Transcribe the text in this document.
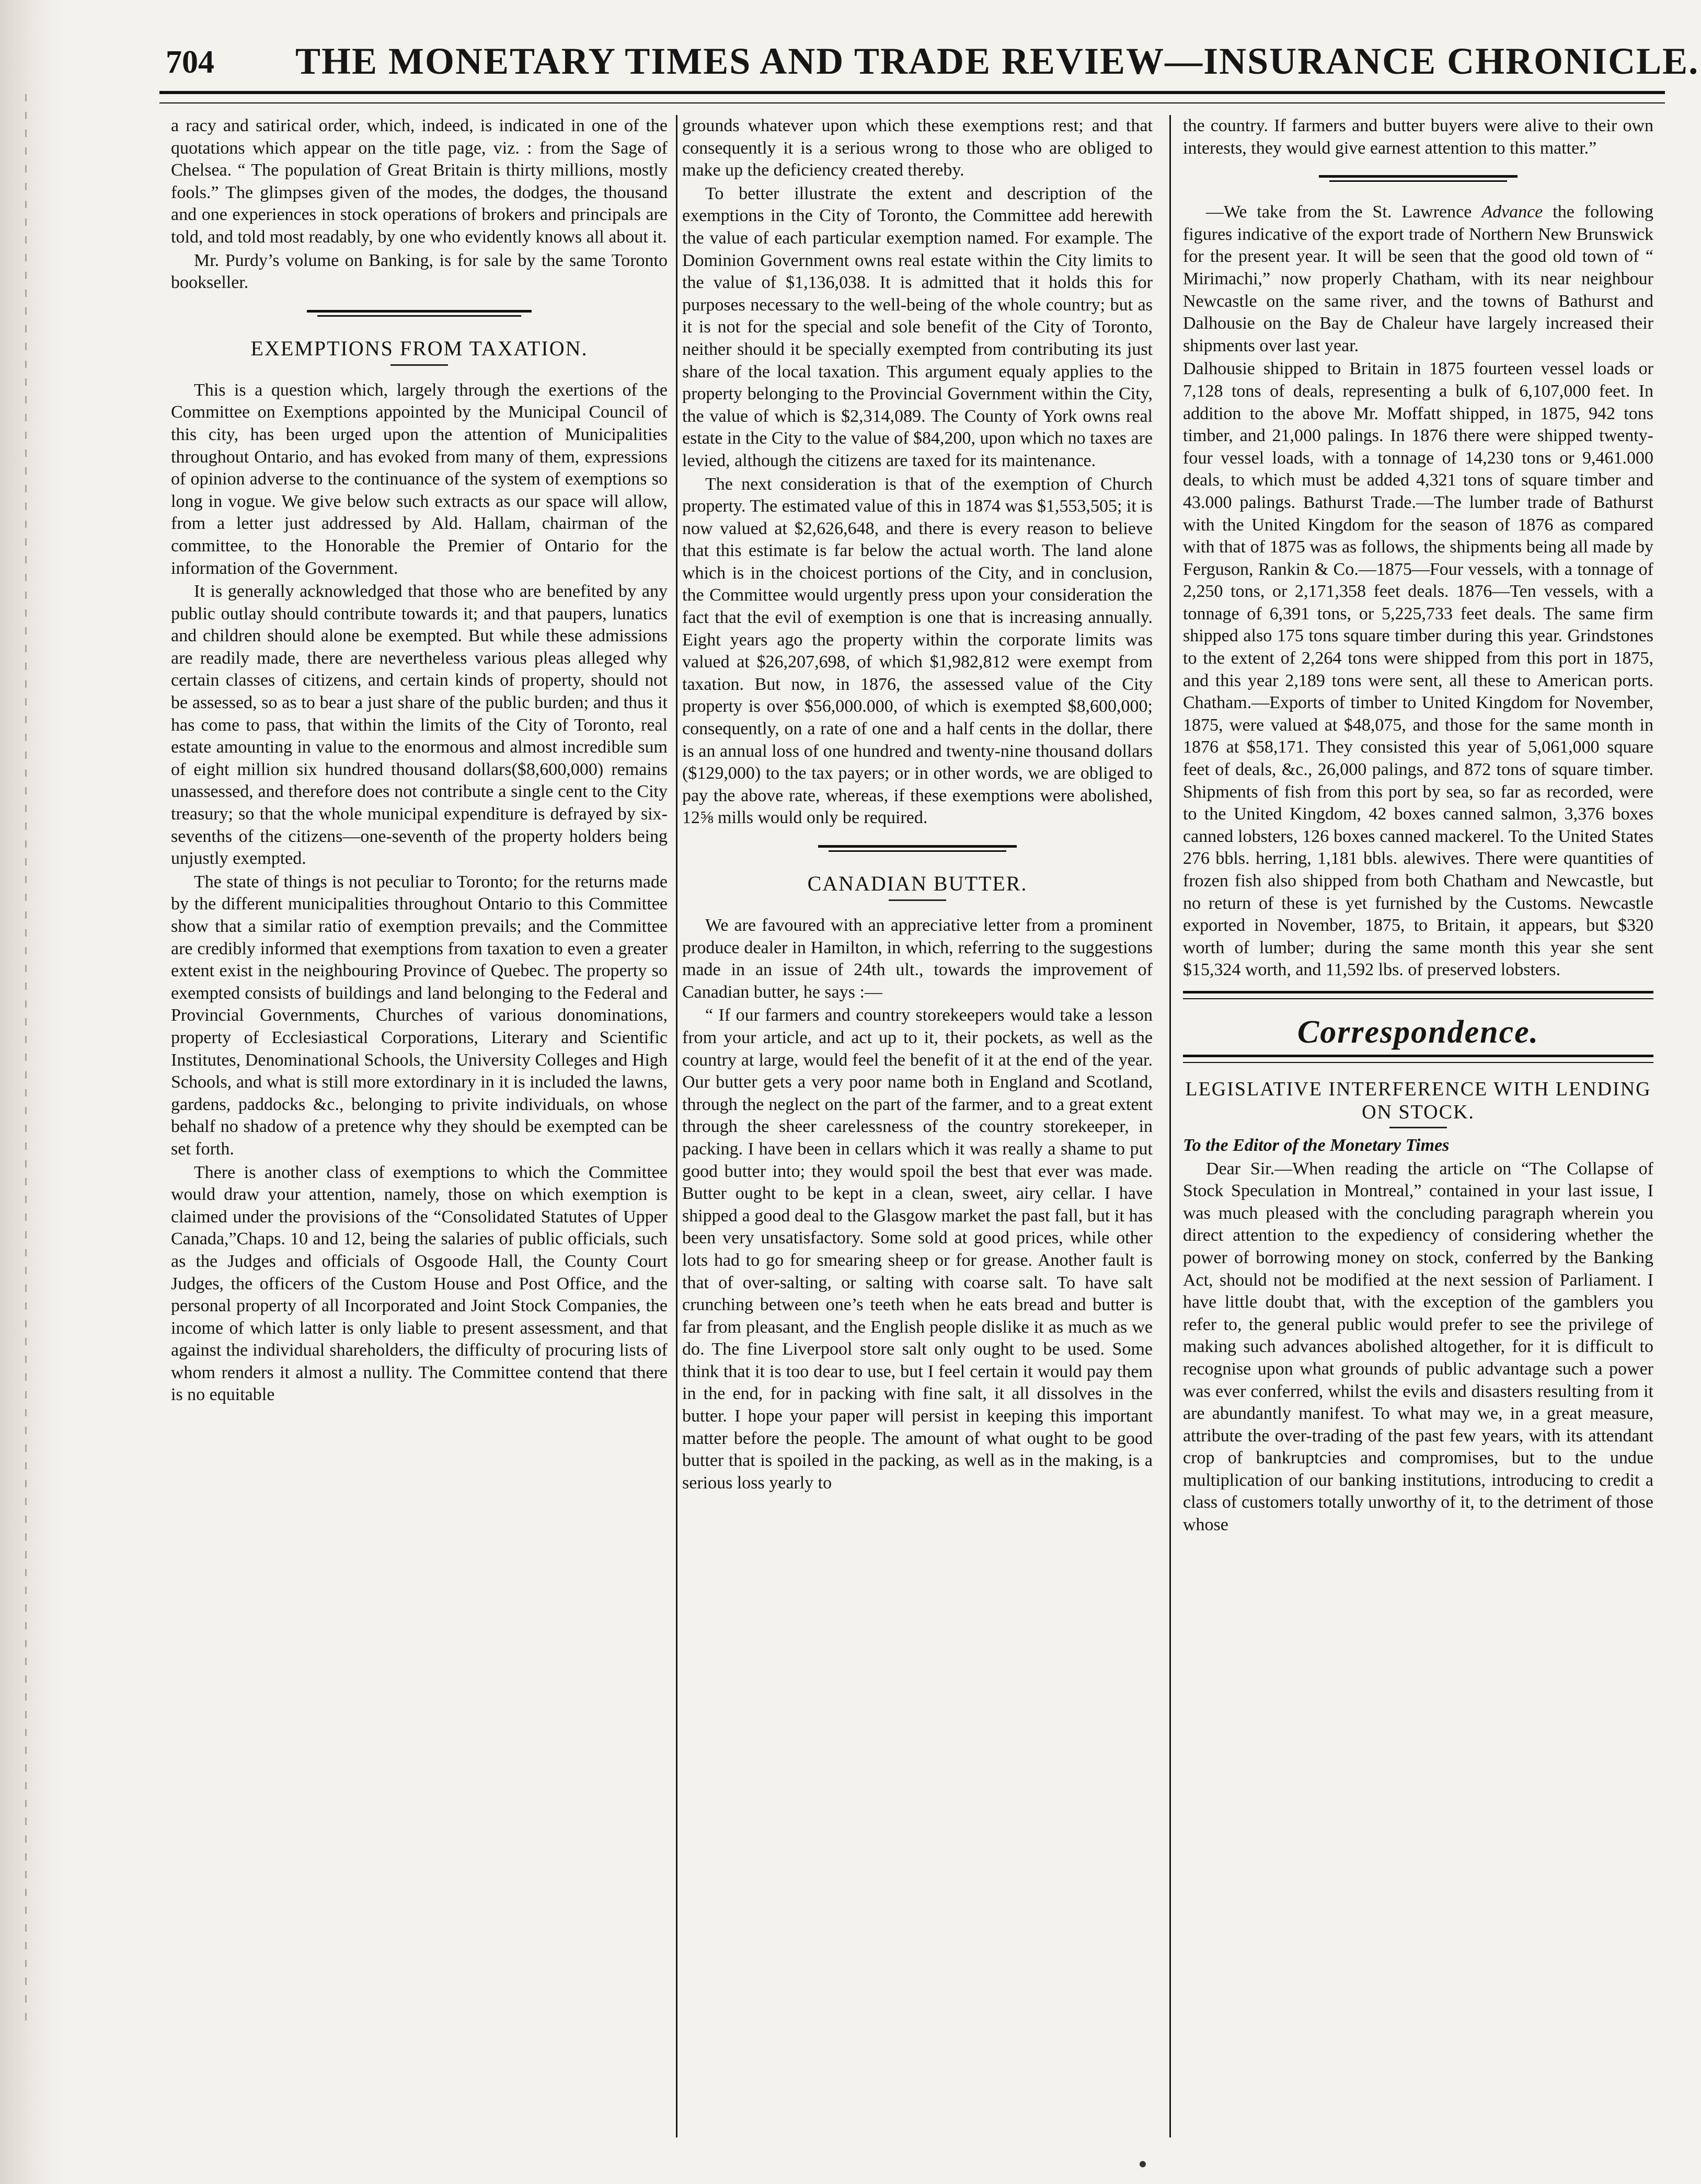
704 THE MONETARY TIMES AND TRADE REVIEW—INSURANCE CHRONICLE.

a racy and satirical order, which, indeed, is indicated in one of the quotations which appear on the title page, viz. : from the Sage of Chelsea. “ The population of Great Britain is thirty millions, mostly fools.” The glimpses given of the modes, the dodges, the thousand and one experiences in stock operations of brokers and principals are told, and told most readably, by one who evidently knows all about it.

Mr. Purdy’s volume on Banking, is for sale by the same Toronto bookseller.

EXEMPTIONS FROM TAXATION.

This is a question which, largely through the exertions of the Committee on Exemptions appointed by the Municipal Council of this city, has been urged upon the attention of Municipalities throughout Ontario, and has evoked from many of them, expressions of opinion adverse to the continuance of the system of exemptions so long in vogue. We give below such extracts as our space will allow, from a letter just addressed by Ald. Hallam, chairman of the committee, to the Honorable the Premier of Ontario for the information of the Government.

It is generally acknowledged that those who are benefited by any public outlay should contribute towards it; and that paupers, lunatics and children should alone be exempted. But while these admissions are readily made, there are nevertheless various pleas alleged why certain classes of citizens, and certain kinds of property, should not be assessed, so as to bear a just share of the public burden; and thus it has come to pass, that within the limits of the City of Toronto, real estate amounting in value to the enormous and almost incredible sum of eight million six hundred thousand dollars($8,600,000) remains unassessed, and therefore does not contribute a single cent to the City treasury; so that the whole municipal expenditure is defrayed by six-sevenths of the citizens—one-seventh of the property holders being unjustly exempted.

The state of things is not peculiar to Toronto; for the returns made by the different municipalities throughout Ontario to this Committee show that a similar ratio of exemption prevails; and the Committee are credibly informed that exemptions from taxation to even a greater extent exist in the neighbouring Province of Quebec. The property so exempted consists of buildings and land belonging to the Federal and Provincial Governments, Churches of various donominations, property of Ecclesiastical Corporations, Literary and Scientific Institutes, Denominational Schools, the University Colleges and High Schools, and what is still more extordinary in it is included the lawns, gardens, paddocks &c., belonging to privite individuals, on whose behalf no shadow of a pretence why they should be exempted can be set forth.

There is another class of exemptions to which the Committee would draw your attention, namely, those on which exemption is claimed under the provisions of the “Consolidated Statutes of Upper Canada,”Chaps. 10 and 12, being the salaries of public officials, such as the Judges and officials of Osgoode Hall, the County Court Judges, the officers of the Custom House and Post Office, and the personal property of all Incorporated and Joint Stock Companies, the income of which latter is only liable to present assessment, and that against the individual shareholders, the difficulty of procuring lists of whom renders it almost a nullity. The Committee contend that there is no equitable

grounds whatever upon which these exemptions rest; and that consequently it is a serious wrong to those who are obliged to make up the deficiency created thereby.

To better illustrate the extent and description of the exemptions in the City of Toronto, the Committee add herewith the value of each particular exemption named. For example. The Dominion Government owns real estate within the City limits to the value of $1,136,038. It is admitted that it holds this for purposes necessary to the well-being of the whole country; but as it is not for the special and sole benefit of the City of Toronto, neither should it be specially exempted from contributing its just share of the local taxation. This argument equaly applies to the property belonging to the Provincial Government within the City, the value of which is $2,314,089. The County of York owns real estate in the City to the value of $84,200, upon which no taxes are levied, although the citizens are taxed for its maintenance.

The next consideration is that of the exemption of Church property. The estimated value of this in 1874 was $1,553,505; it is now valued at $2,626,648, and there is every reason to believe that this estimate is far below the actual worth. The land alone which is in the choicest portions of the City, and in conclusion, the Committee would urgently press upon your consideration the fact that the evil of exemption is one that is increasing annually. Eight years ago the property within the corporate limits was valued at $26,207,698, of which $1,982,812 were exempt from taxation. But now, in 1876, the assessed value of the City property is over $56,000.000, of which is exempted $8,600,000; consequently, on a rate of one and a half cents in the dollar, there is an annual loss of one hundred and twenty-nine thousand dollars ($129,000) to the tax payers; or in other words, we are obliged to pay the above rate, whereas, if these exemptions were abolished, 12⅝ mills would only be required.

CANADIAN BUTTER.

We are favoured with an appreciative letter from a prominent produce dealer in Hamilton, in which, referring to the suggestions made in an issue of 24th ult., towards the improvement of Canadian butter, he says :—

“ If our farmers and country storekeepers would take a lesson from your article, and act up to it, their pockets, as well as the country at large, would feel the benefit of it at the end of the year. Our butter gets a very poor name both in England and Scotland, through the neglect on the part of the farmer, and to a great extent through the sheer carelessness of the country storekeeper, in packing. I have been in cellars which it was really a shame to put good butter into; they would spoil the best that ever was made. Butter ought to be kept in a clean, sweet, airy cellar. I have shipped a good deal to the Glasgow market the past fall, but it has been very unsatisfactory. Some sold at good prices, while other lots had to go for smearing sheep or for grease. Another fault is that of over-salting, or salting with coarse salt. To have salt crunching between one’s teeth when he eats bread and butter is far from pleasant, and the English people dislike it as much as we do. The fine Liverpool store salt only ought to be used. Some think that it is too dear to use, but I feel certain it would pay them in the end, for in packing with fine salt, it all dissolves in the butter. I hope your paper will persist in keeping this important matter before the people. The amount of what ought to be good butter that is spoiled in the packing, as well as in the making, is a serious loss yearly to

the country. If farmers and butter buyers were alive to their own interests, they would give earnest attention to this matter.”

—We take from the St. Lawrence Advance the following figures indicative of the export trade of Northern New Brunswick for the present year. It will be seen that the good old town of “ Mirimachi,” now properly Chatham, with its near neighbour Newcastle on the same river, and the towns of Bathurst and Dalhousie on the Bay de Chaleur have largely increased their shipments over last year.

Dalhousie shipped to Britain in 1875 fourteen vessel loads or 7,128 tons of deals, representing a bulk of 6,107,000 feet. In addition to the above Mr. Moffatt shipped, in 1875, 942 tons timber, and 21,000 palings. In 1876 there were shipped twenty-four vessel loads, with a tonnage of 14,230 tons or 9,461.000 deals, to which must be added 4,321 tons of square timber and 43.000 palings. Bathurst Trade.—The lumber trade of Bathurst with the United Kingdom for the season of 1876 as compared with that of 1875 was as follows, the shipments being all made by Ferguson, Rankin & Co.—1875—Four vessels, with a tonnage of 2,250 tons, or 2,171,358 feet deals. 1876—Ten vessels, with a tonnage of 6,391 tons, or 5,225,733 feet deals. The same firm shipped also 175 tons square timber during this year. Grindstones to the extent of 2,264 tons were shipped from this port in 1875, and this year 2,189 tons were sent, all these to American ports. Chatham.—Exports of timber to United Kingdom for November, 1875, were valued at $48,075, and those for the same month in 1876 at $58,171. They consisted this year of 5,061,000 square feet of deals, &c., 26,000 palings, and 872 tons of square timber. Shipments of fish from this port by sea, so far as recorded, were to the United Kingdom, 42 boxes canned salmon, 3,376 boxes canned lobsters, 126 boxes canned mackerel. To the United States 276 bbls. herring, 1,181 bbls. alewives. There were quantities of frozen fish also shipped from both Chatham and Newcastle, but no return of these is yet furnished by the Customs. Newcastle exported in November, 1875, to Britain, it appears, but $320 worth of lumber; during the same month this year she sent $15,324 worth, and 11,592 lbs. of preserved lobsters.

Correspondence.
LEGISLATIVE INTERFERENCE WITH LENDING ON STOCK.

To the Editor of the Monetary Times

Dear Sir.—When reading the article on “The Collapse of Stock Speculation in Montreal,” contained in your last issue, I was much pleased with the concluding paragraph wherein you direct attention to the expediency of considering whether the power of borrowing money on stock, conferred by the Banking Act, should not be modified at the next session of Parliament. I have little doubt that, with the exception of the gamblers you refer to, the general public would prefer to see the privilege of making such advances abolished altogether, for it is difficult to recognise upon what grounds of public advantage such a power was ever conferred, whilst the evils and disasters resulting from it are abundantly manifest. To what may we, in a great measure, attribute the over-trading of the past few years, with its attendant crop of bankruptcies and compromises, but to the undue multiplication of our banking institutions, introducing to credit a class of customers totally unworthy of it, to the detriment of those whose
